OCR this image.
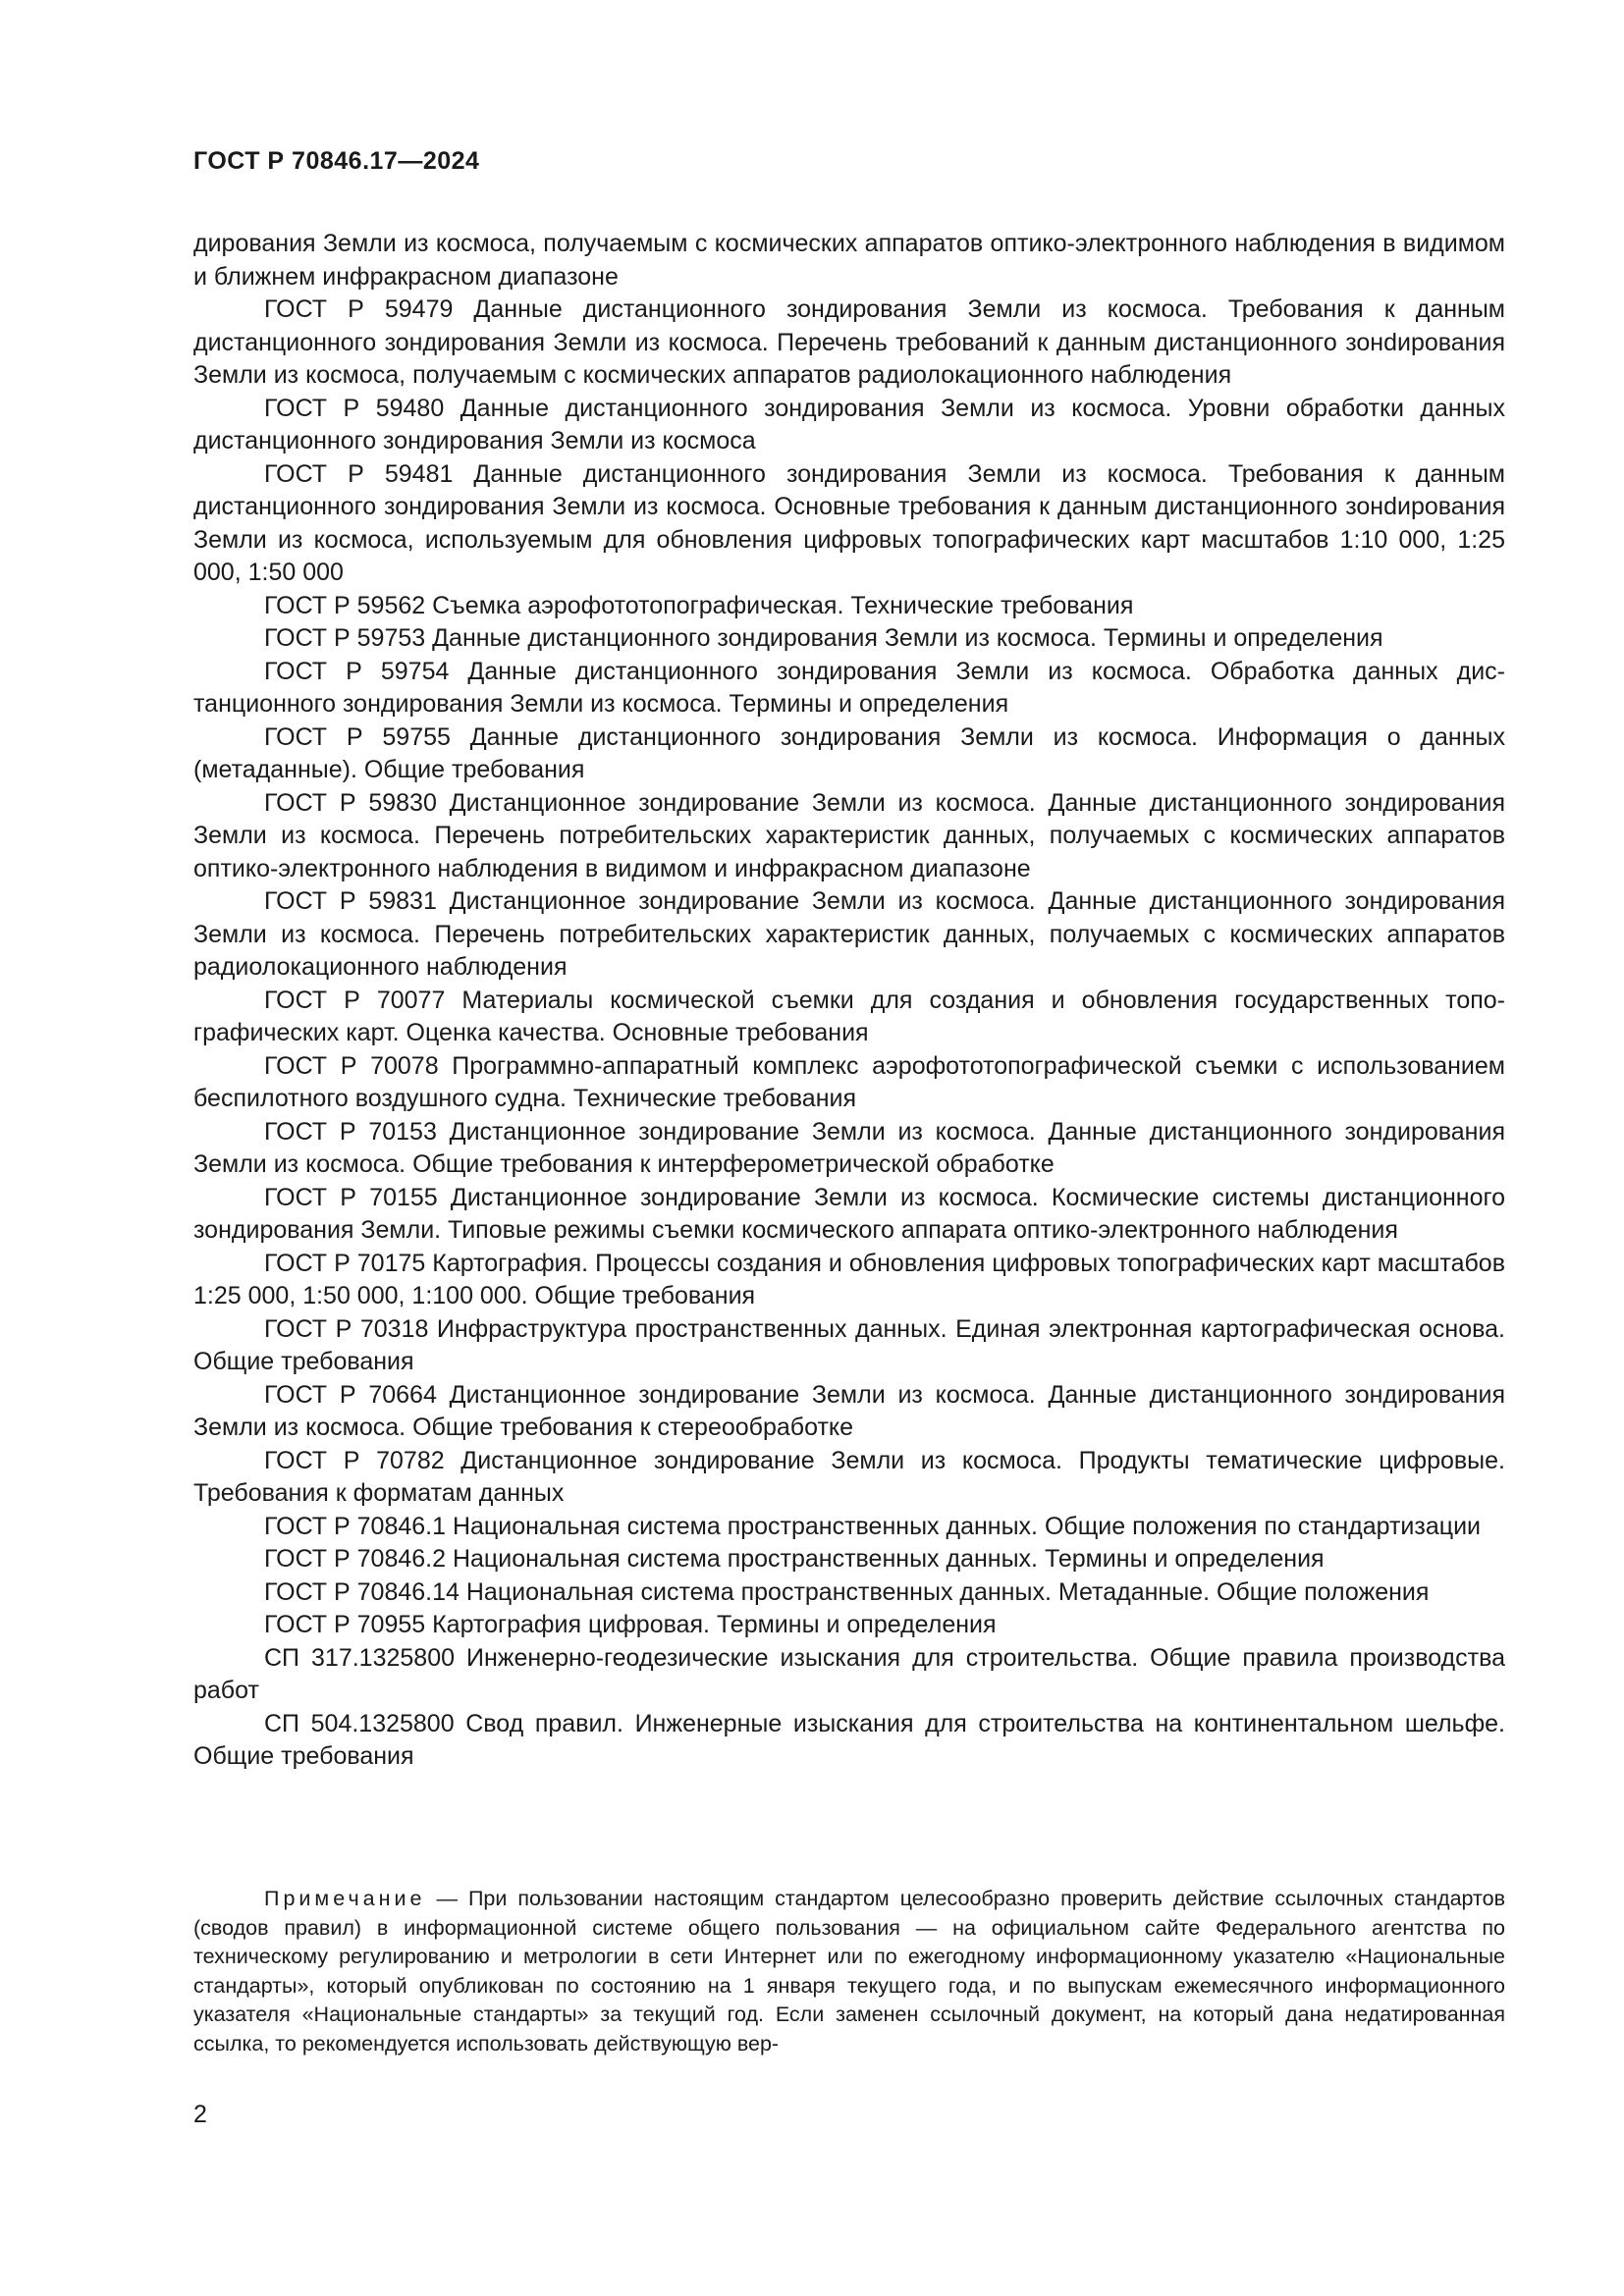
ГОСТ Р 70846.17—2024

дирования Земли из космоса, получаемым с космических аппаратов оптико-электронного наблюдения в видимом и ближнем инфракрасном диапазоне

ГОСТ Р 59479 Данные дистанционного зондирования Земли из космоса. Требования к данным дистанционного зондирования Земли из космоса. Перечень требований к данным дистанционного зонdирования Земли из космоса, получаемым с космических аппаратов радиолокационного наблюдения

ГОСТ Р 59480 Данные дистанционного зондирования Земли из космоса. Уровни обработки данных дистанционного зондирования Земли из космоса

ГОСТ Р 59481 Данные дистанционного зондирования Земли из космоса. Требования к данным дистанционного зондирования Земли из космоса. Основные требования к данным дистанционного зонdирования Земли из космоса, используемым для обновления цифровых топографических карт масштабов 1:10 000, 1:25 000, 1:50 000

ГОСТ Р 59562 Съемка аэрофототопографическая. Технические требования

ГОСТ Р 59753 Данные дистанционного зондирования Земли из космоса. Термины и определения

ГОСТ Р 59754 Данные дистанционного зондирования Земли из космоса. Обработка данных дистанционного зондирования Земли из космоса. Термины и определения

ГОСТ Р 59755 Данные дистанционного зондирования Земли из космоса. Информация о данных (метаданные). Общие требования

ГОСТ Р 59830 Дистанционное зондирование Земли из космоса. Данные дистанционного зондирования Земли из космоса. Перечень потребительских характеристик данных, получаемых с космических аппаратов оптико-электронного наблюдения в видимом и инфракрасном диапазоне

ГОСТ Р 59831 Дистанционное зондирование Земли из космоса. Данные дистанционного зондирования Земли из космоса. Перечень потребительских характеристик данных, получаемых с космических аппаратов радиолокационного наблюдения

ГОСТ Р 70077 Материалы космической съемки для создания и обновления государственных топографических карт. Оценка качества. Основные требования

ГОСТ Р 70078 Программно-аппаратный комплекс аэрофототопографической съемки с использованием беспилотного воздушного судна. Технические требования

ГОСТ Р 70153 Дистанционное зондирование Земли из космоса. Данные дистанционного зондирования Земли из космоса. Общие требования к интерферометрической обработке

ГОСТ Р 70155 Дистанционное зондирование Земли из космоса. Космические системы дистанционного зондирования Земли. Типовые режимы съемки космического аппарата оптико-электронного наблюдения

ГОСТ Р 70175 Картография. Процессы создания и обновления цифровых топографических карт масштабов 1:25 000, 1:50 000, 1:100 000. Общие требования

ГОСТ Р 70318 Инфраструктура пространственных данных. Единая электронная картографическая основа. Общие требования

ГОСТ Р 70664 Дистанционное зондирование Земли из космоса. Данные дистанционного зондирования Земли из космоса. Общие требования к стереообработке

ГОСТ Р 70782 Дистанционное зондирование Земли из космоса. Продукты тематические цифровые. Требования к форматам данных

ГОСТ Р 70846.1 Национальная система пространственных данных. Общие положения по стандартизации

ГОСТ Р 70846.2 Национальная система пространственных данных. Термины и определения

ГОСТ Р 70846.14 Национальная система пространственных данных. Метаданные. Общие положения

ГОСТ Р 70955 Картография цифровая. Термины и определения

СП 317.1325800 Инженерно-геодезические изыскания для строительства. Общие правила производства работ

СП 504.1325800 Свод правил. Инженерные изыскания для строительства на континентальном шельфе. Общие требования

Примечание — При пользовании настоящим стандартом целесообразно проверить действие ссылочных стандартов (сводов правил) в информационной системе общего пользования — на официальном сайте Федерального агентства по техническому регулированию и метрологии в сети Интернет или по ежегодному информационному указателю «Национальные стандарты», который опубликован по состоянию на 1 января текущего года, и по выпускам ежемесячного информационного указателя «Национальные стандарты» за текущий год. Если заменен ссылочный документ, на который дана недатированная ссылка, то рекомендуется использовать действующую вер-
2
